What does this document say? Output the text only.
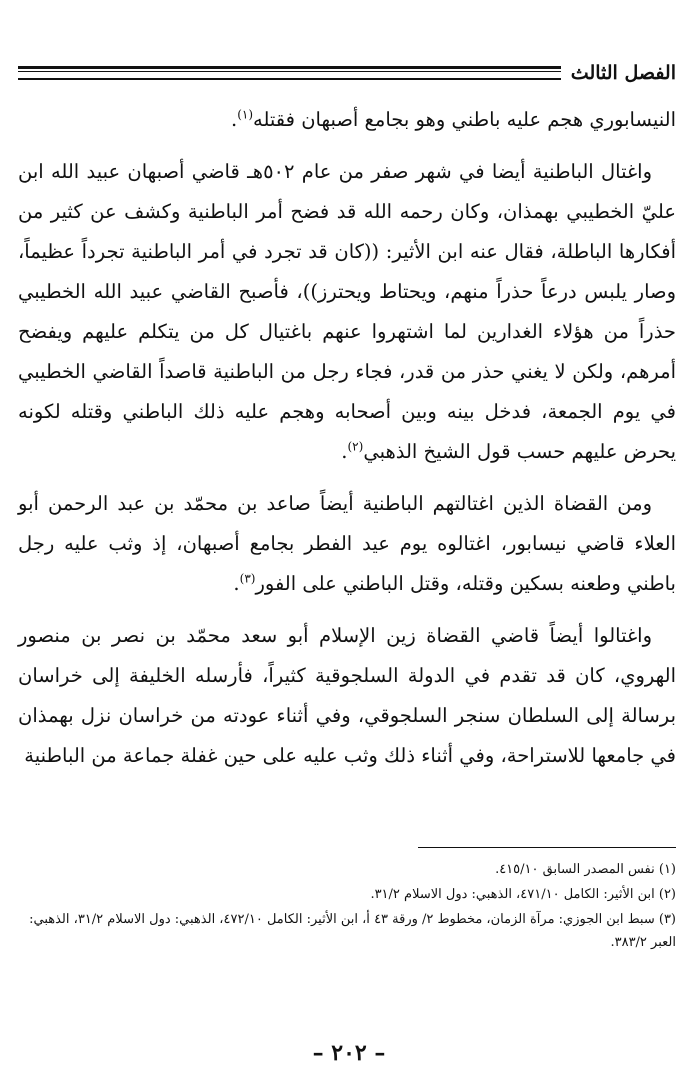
الفصل الثالث

النيسابوري هجم عليه باطني وهو بجامع أصبهان فقتله$^{(١)}$.

واغتال الباطنية أيضا في شهر صفر من عام ٥٠٢هـ قاضي أصبهان عبيد الله ابن عليّ الخطيبي بهمذان، وكان رحمه الله قد فضح أمر الباطنية وكشف عن كثير من أفكارها الباطلة، فقال عنه ابن الأثير: ((كان قد تجرد في أمر الباطنية تجرداً عظيماً، وصار يلبس درعاً حذراً منهم، ويحتاط ويحترز))، فأصبح القاضي عبيد الله الخطيبي حذراً من هؤلاء الغدارين لما اشتهروا عنهم باغتيال كل من يتكلم عليهم ويفضح أمرهم، ولكن لا يغني حذر من قدر، فجاء رجل من الباطنية قاصداً القاضي الخطيبي في يوم الجمعة، فدخل بينه وبين أصحابه وهجم عليه ذلك الباطني وقتله لكونه يحرض عليهم حسب قول الشيخ الذهبي$^{(٢)}$.

ومن القضاة الذين اغتالتهم الباطنية أيضاً صاعد بن محمّد بن عبد الرحمن أبو العلاء قاضي نيسابور، اغتالوه يوم عيد الفطر بجامع أصبهان، إذ وثب عليه رجل باطني وطعنه بسكين وقتله، وقتل الباطني على الفور$^{(٣)}$.

واغتالوا أيضاً قاضي القضاة زين الإسلام أبو سعد محمّد بن نصر بن منصور الهروي، كان قد تقدم في الدولة السلجوقية كثيراً، فأرسله الخليفة إلى خراسان برسالة إلى السلطان سنجر السلجوقي، وفي أثناء عودته من خراسان نزل بهمذان في جامعها للاستراحة، وفي أثناء ذلك وثب عليه على حين غفلة جماعة من الباطنية

(١) نفس المصدر السابق ٤١٥/١٠.

(٢) ابن الأثير: الكامل ٤٧١/١٠، الذهبي: دول الاسلام ٣١/٢.

(٣) سبط ابن الجوزي: مرآة الزمان، مخطوط ٢/ ورقة ٤٣ أ، ابن الأثير: الكامل ٤٧٢/١٠، الذهبي: دول الاسلام ٣١/٢، الذهبي: العبر ٣٨٣/٢.

– ٢٠٢ –
